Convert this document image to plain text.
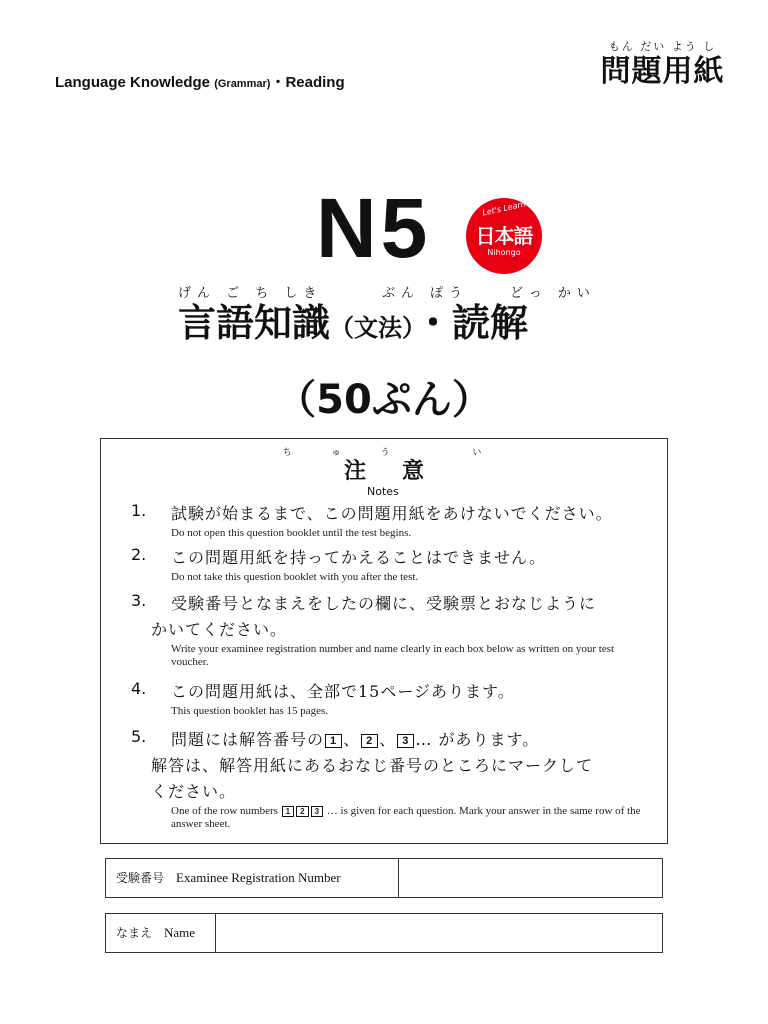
Language Knowledge (Grammar)・Reading
もん だい よう し
問題用紙
N5	Let's Learn
日本語
Nihongo
げん ご ち しき	ぶん ぽう	どっ かい
言語知識（文法）・読解
（50ぷん）
ちゅう い
注意
Notes
1. 試験が始まるまで、この問題用紙をあけないでください。
Do not open this question booklet until the test begins.
2. この問題用紙を持ってかえることはできません。
Do not take this question booklet with you after the test.
3. 受験番号となまえをしたの欄に、受験票とおなじように
かいてください。
Write your examinee registration number and name clearly in each box below as written on your test voucher.
4. この問題用紙は、全部で15ページあります。
This question booklet has 15 pages.
5. 問題には解答番号の 1 、 2 、 3 … があります。
解答は、解答用紙にあるおなじ番号のところにマークして
ください。
One of the row numbers 1 2 3 … is given for each question. Mark your answer in the same row of the answer sheet.
受験番号 Examinee Registration Number
なまえ Name
